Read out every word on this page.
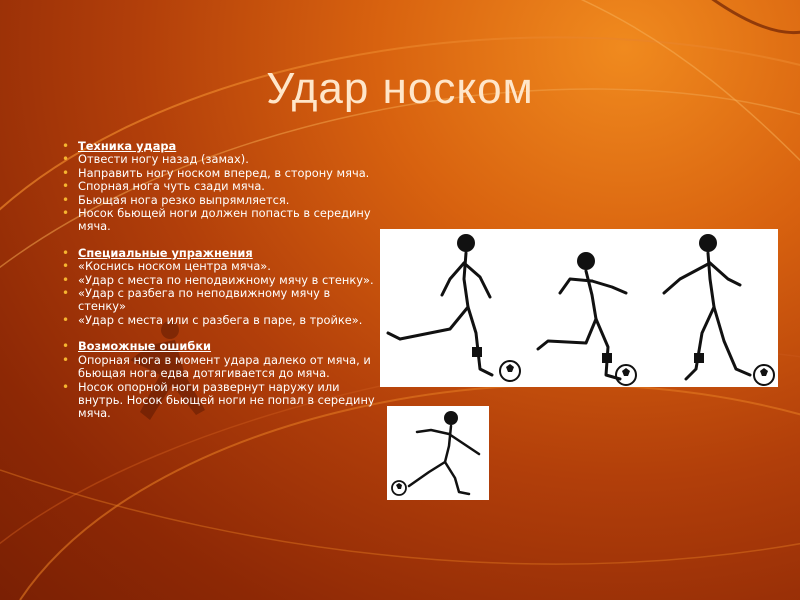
Удар носком
• Техника удара
• Отвести ногу назад (замах).
• Направить ногу носком вперед, в сторону мяча.
• Спорная нога чуть сзади мяча.
• Бьющая нога резко выпрямляется.
• Носок бьющей ноги должен попасть в середину мяча.
• Специальные упражнения
• «Коснись носком центра мяча».
• «Удар с места по неподвижному мячу в стенку».
• «Удар с разбега по неподвижному мячу в стенку»
• «Удар с места или с разбега в паре, в тройке».
• Возможные ошибки
• Опорная нога в момент удара далеко от мяча, и бьющая нога едва дотягивается до мяча.
• Носок опорной ноги развернут наружу или внутрь. Носок бьющей ноги не попал в середину мяча.
